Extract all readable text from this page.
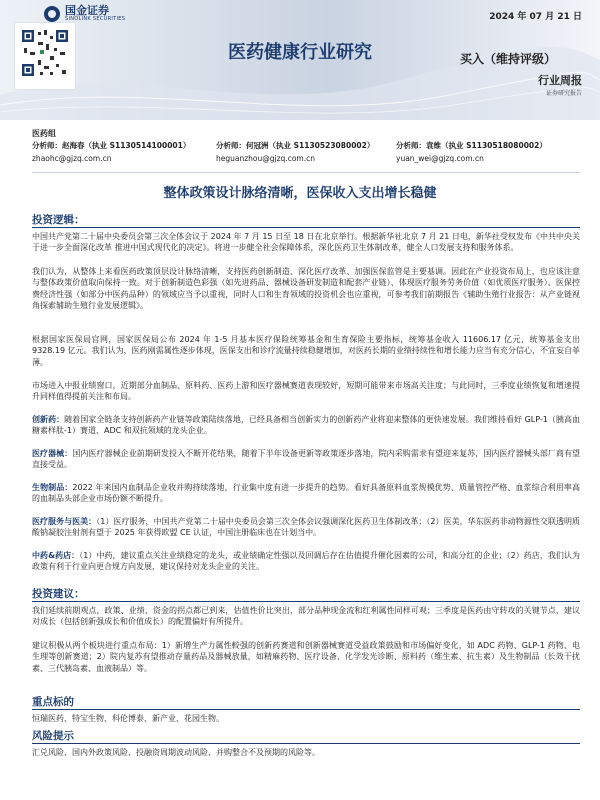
国金证券
SINOLINK SECURITIES	2024 年 07 月 21 日
医药健康行业研究	买入（维持评级）
行业周报
证券研究报告
医药组
分析师：赵海春（执业 S1130514100001）
zhaohc@gjzq.com.cn
分析师：何冠洲（执业 S1130523080002）
heguanzhou@gjzq.com.cn
分析师：袁维（执业 S1130518080002）
yuan_wei@gjzq.com.cn
整体政策设计脉络清晰，医保收入支出增长稳健
投资逻辑：
中国共产党第二十届中央委员会第三次全体会议于 2024 年 7 月 15 日至 18 日在北京举行。根据新华社北京 7 月 21 日电，新华社受权发布《中共中央关于进一步全面深化改革 推进中国式现代化的决定》。将进一步健全社会保障体系，深化医药卫生体制改革，健全人口发展支持和服务体系。
我们认为，从整体上来看医药政策顶层设计脉络清晰，支持医药创新制造、深化医疗改革、加强医保监管是主要基调。因此在产业投资布局上，也应该注意与整体政策价值取向保持一致。对于创新制造色彩强（如先进药品、器械设备研发制造和配套产业链）、体现医疗服务劳务价值（如优质医疗服务）、医保控费经济性强（如部分中医药品种）的领域应当予以重视，同时人口和生育领域的投资机会也应重视，可参考我们前期报告《辅助生殖行业报告：从产业链视角探索辅助生殖行业发展逻辑》。
根据国家医保局官网，国家医保局公布 2024 年 1-5 月基本医疗保险统筹基金和生育保险主要指标，统筹基金收入 11606.17 亿元，统筹基金支出 9328.19 亿元。我们认为，医药刚需属性逐步体现，医保支出和诊疗流量持续稳健增加，对医药长期的业绩持续性和增长能力应当有充分信心，不宜妄自菲薄。
市场进入中报业绩窗口，近期部分血制品、原料药、医药上游和医疗器械赛道表现较好，短期可能带来市场高关注度；与此同时，三季度业绩恢复和增速提升同样值得提前关注和布局。
创新药：随着国家全链条支持创新药产业链等政策陆续落地，已经具备相当创新实力的创新药产业将迎来整体的更快速发展。我们维持看好 GLP-1（胰高血糖素样肽-1）赛道、ADC 和双抗领域的龙头企业。
医疗器械：国内医疗器械企业前期研发投入不断开花结果，随着下半年设备更新等政策逐步落地，院内采购需求有望迎来复苏，国内医疗器械头部厂商有望直接受益。
生物制品：2022 年来国内血制品企业收并购持续落地，行业集中度有进一步提升的趋势。看好具备原料血浆规模优势、质量管控严格、血浆综合利用率高的血制品头部企业市场份额不断提升。
医疗服务与医美：（1）医疗服务，中国共产党第二十届中央委员会第三次全体会议强调深化医药卫生体制改革；（2）医美，华东医药非动物源性交联透明质酸钠凝胶注射剂有望于 2025 年获得欧盟 CE 认证，中国注册临床也在计划当中。
中药&药店：（1）中药，建议重点关注业绩稳定的龙头，或业绩确定性强以及回调后存在估值提升催化因素的公司，和高分红的企业；（2）药店，我们认为政策有利于行业向更合规方向发展，建议保持对龙头企业的关注。
投资建议：
我们延续前期观点，政策、业绩、资金的拐点都已到来，估值性价比突出，部分品种现金流和红利属性同样可观；三季度是医药由守转攻的关键节点，建议对成长（包括创新强成长和价值成长）的配置偏好有所提升。
建议积极从两个板块进行重点布局：1）新増生产力属性較强的创新药赛道和创新器械赛道受益政策鼓励和市场偏好变化，如 ADC 药物、GLP-1 药物、电生理等创新赛道；2）院内复苏有望推动存量药品及器械放量，如精麻药物、医疗设备、化学发光诊断、原料药（维生素、抗生素）及生物制品（长效干扰素、三代胰岛素、血液制品）等。
重点标的
恒瑞医药、特宝生物、科伦博泰、新产业、花园生物。
风险提示
汇兑风险、国内外政策风险、投融资周期波动风险、并购整合不及预期的风险等。
